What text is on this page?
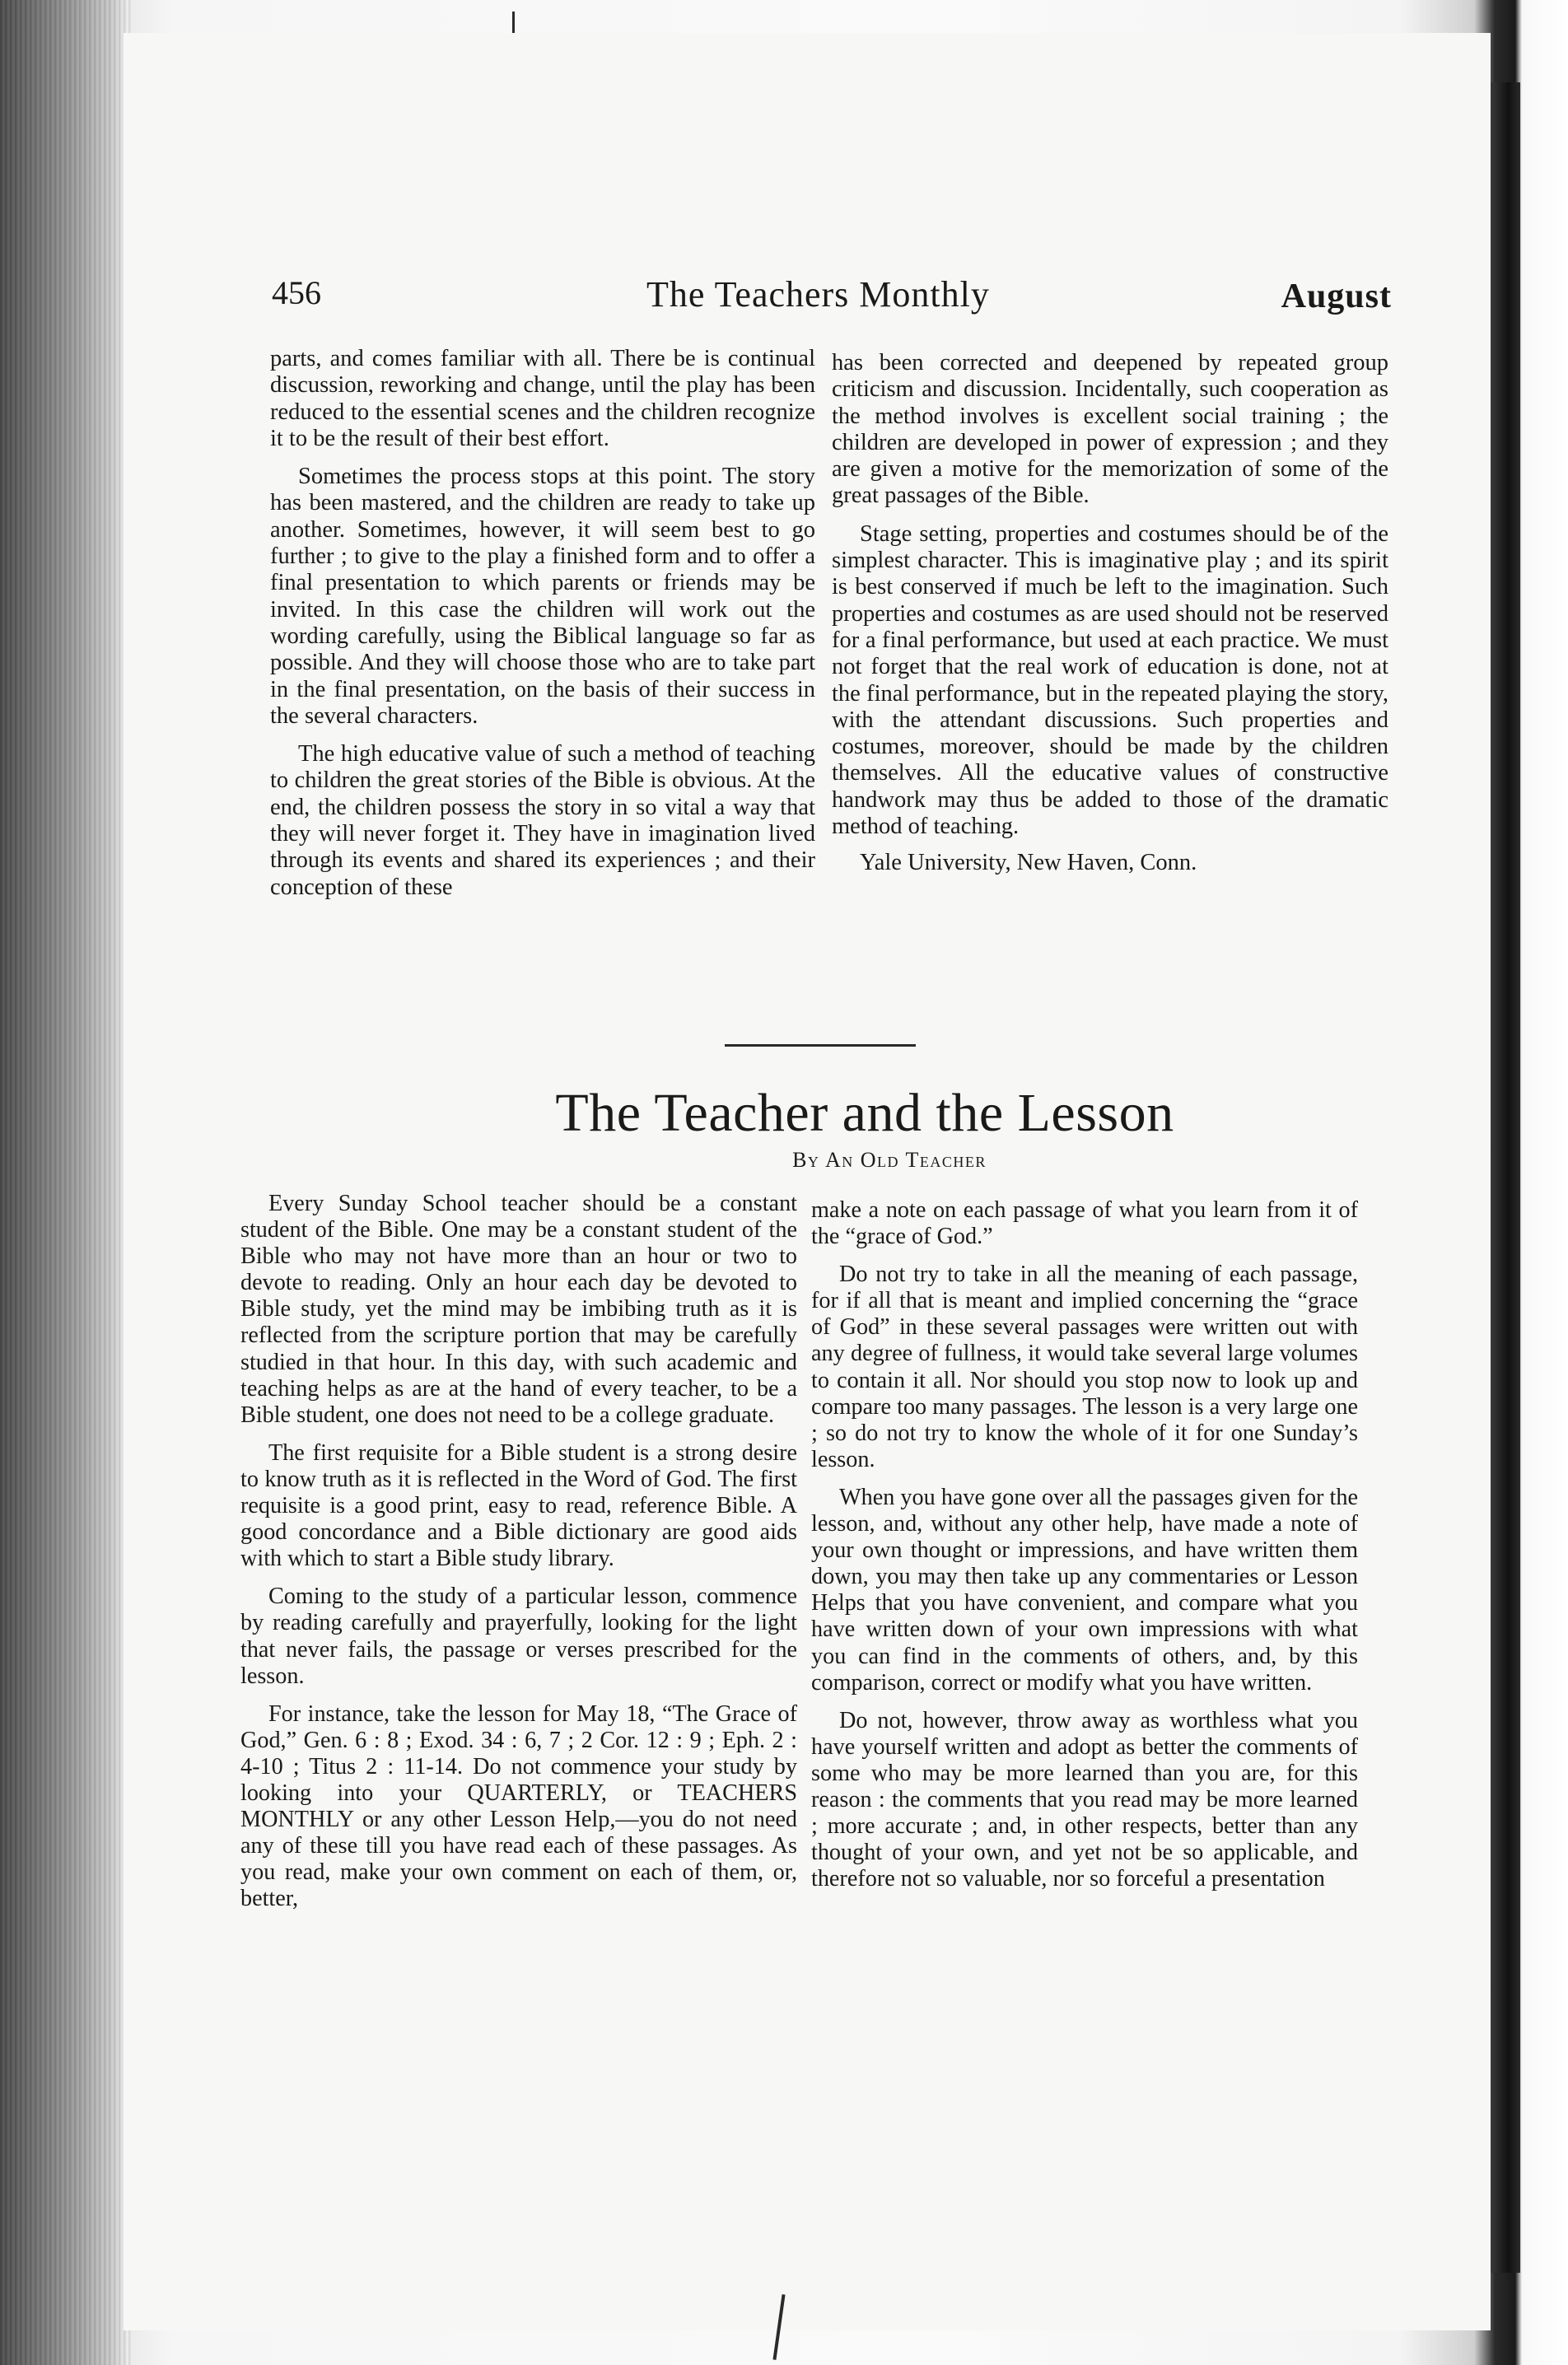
456	The Teachers Monthly	August

parts, and comes familiar with all. There be is continual discussion, reworking and change, until the play has been reduced to the essential scenes and the children recognize it to be the result of their best effort.

Sometimes the process stops at this point. The story has been mastered, and the children are ready to take up another. Sometimes, however, it will seem best to go further ; to give to the play a finished form and to offer a final presentation to which parents or friends may be invited. In this case the children will work out the wording carefully, using the Biblical language so far as possible. And they will choose those who are to take part in the final presentation, on the basis of their success in the several characters.

The high educative value of such a method of teaching to children the great stories of the Bible is obvious. At the end, the children possess the story in so vital a way that they will never forget it. They have in imagination lived through its events and shared its experiences ; and their conception of these

has been corrected and deepened by repeated group criticism and discussion. Incidentally, such cooperation as the method involves is excellent social training ; the children are developed in power of expression ; and they are given a motive for the memorization of some of the great passages of the Bible.

Stage setting, properties and costumes should be of the simplest character. This is imaginative play ; and its spirit is best conserved if much be left to the imagination. Such properties and costumes as are used should not be reserved for a final performance, but used at each practice. We must not forget that the real work of education is done, not at the final performance, but in the repeated playing the story, with the attendant discussions. Such properties and costumes, moreover, should be made by the children themselves. All the educative values of constructive handwork may thus be added to those of the dramatic method of teaching.

Yale University, New Haven, Conn.

The Teacher and the Lesson
By An Old Teacher

Every Sunday School teacher should be a constant student of the Bible. One may be a constant student of the Bible who may not have more than an hour or two to devote to reading. Only an hour each day be devoted to Bible study, yet the mind may be imbibing truth as it is reflected from the scripture portion that may be carefully studied in that hour. In this day, with such academic and teaching helps as are at the hand of every teacher, to be a Bible student, one does not need to be a college graduate.

The first requisite for a Bible student is a strong desire to know truth as it is reflected in the Word of God. The first requisite is a good print, easy to read, reference Bible. A good concordance and a Bible dictionary are good aids with which to start a Bible study library.

Coming to the study of a particular lesson, commence by reading carefully and prayerfully, looking for the light that never fails, the passage or verses prescribed for the lesson.

For instance, take the lesson for May 18, “The Grace of God,” Gen. 6 : 8 ; Exod. 34 : 6, 7 ; 2 Cor. 12 : 9 ; Eph. 2 : 4-10 ; Titus 2 : 11-14. Do not commence your study by looking into your QUARTERLY, or TEACHERS MONTHLY or any other Lesson Help,—you do not need any of these till you have read each of these passages. As you read, make your own comment on each of them, or, better,

make a note on each passage of what you learn from it of the “grace of God.”

Do not try to take in all the meaning of each passage, for if all that is meant and implied concerning the “grace of God” in these several passages were written out with any degree of fullness, it would take several large volumes to contain it all. Nor should you stop now to look up and compare too many passages. The lesson is a very large one ; so do not try to know the whole of it for one Sunday’s lesson.

When you have gone over all the passages given for the lesson, and, without any other help, have made a note of your own thought or impressions, and have written them down, you may then take up any commentaries or Lesson Helps that you have convenient, and compare what you have written down of your own impressions with what you can find in the comments of others, and, by this comparison, correct or modify what you have written.

Do not, however, throw away as worthless what you have yourself written and adopt as better the comments of some who may be more learned than you are, for this reason : the comments that you read may be more learned ; more accurate ; and, in other respects, better than any thought of your own, and yet not be so applicable, and therefore not so valuable, nor so forceful a presentation
